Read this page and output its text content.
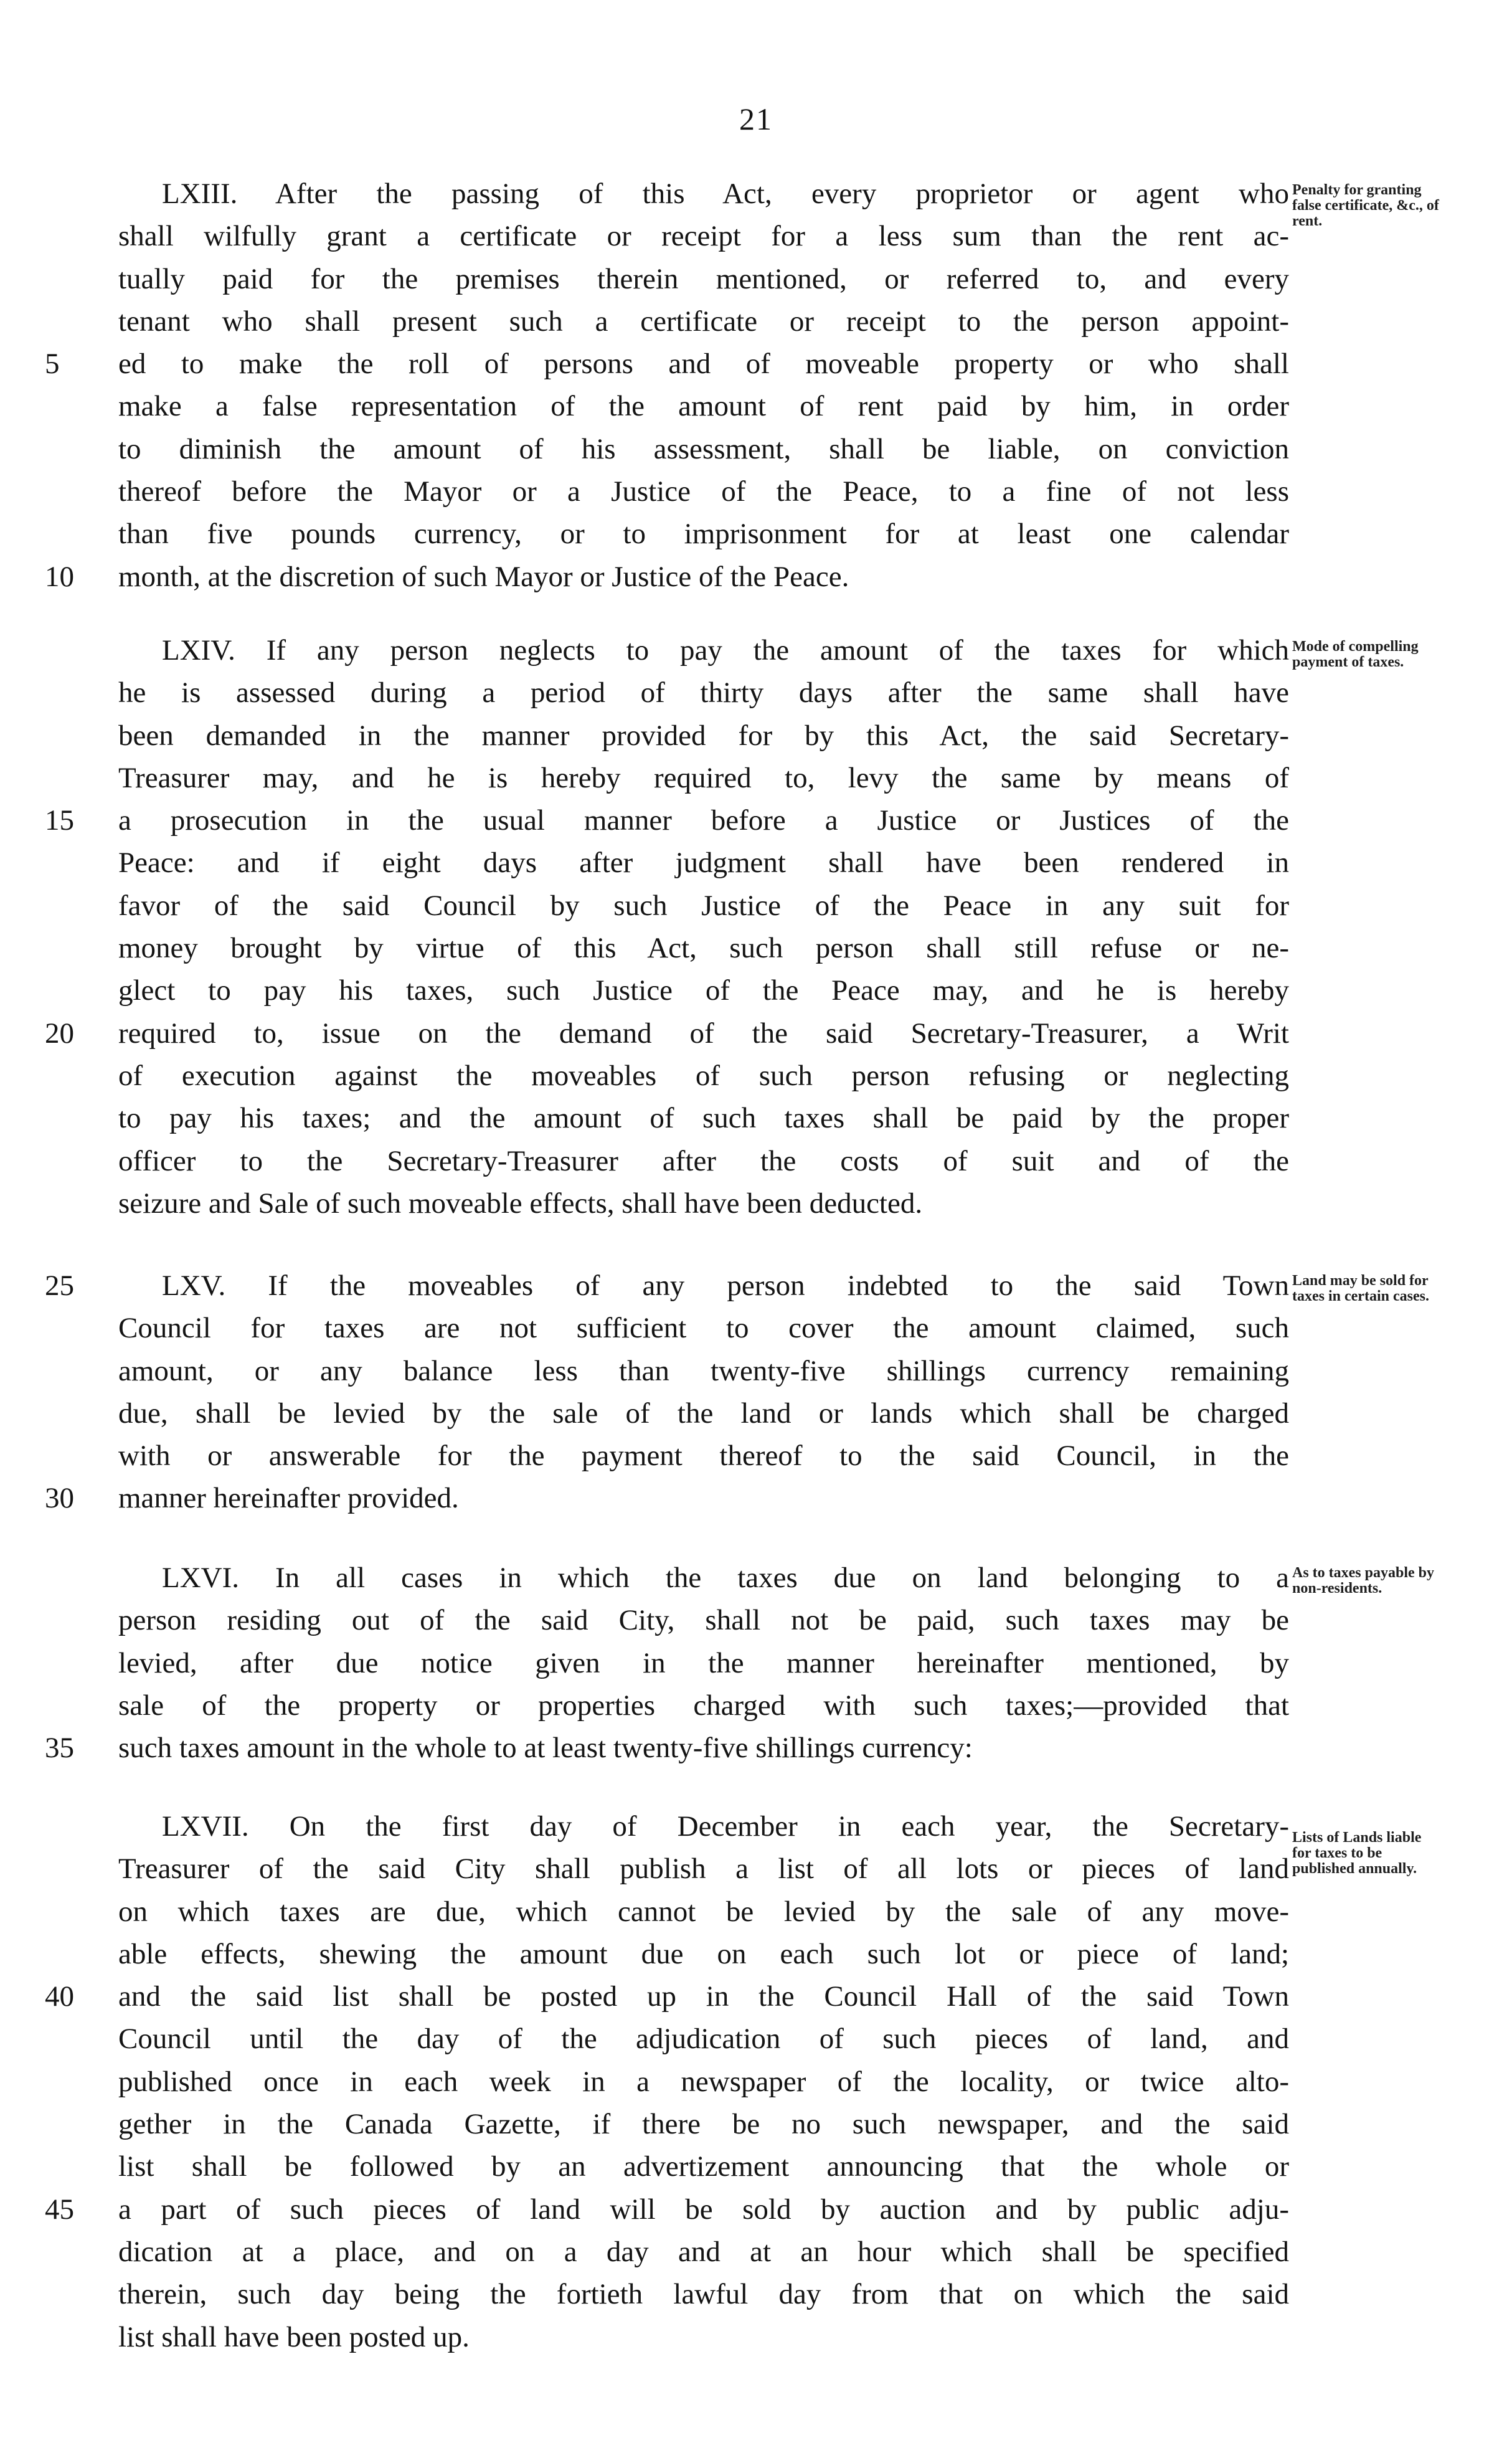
21
Penalty for granting false certificate, &c., of rent.
LXIII. After the passing of this Act, every proprietor or agent who
shall wilfully grant a certificate or receipt for a less sum than the rent ac-
tually paid for the premises therein mentioned, or referred to, and every
tenant who shall present such a certificate or receipt to the person appoint-
5	ed to make the roll of persons and of moveable property or who shall
make a false representation of the amount of rent paid by him, in order
to diminish the amount of his assessment, shall be liable, on conviction
thereof before the Mayor or a Justice of the Peace, to a fine of not less
than five pounds currency, or to imprisonment for at least one calendar
10	month, at the discretion of such Mayor or Justice of the Peace.
Mode of compelling payment of taxes.
LXIV. If any person neglects to pay the amount of the taxes for which
he is assessed during a period of thirty days after the same shall have
been demanded in the manner provided for by this Act, the said Secretary-
Treasurer may, and he is hereby required to, levy the same by means of
15	a prosecution in the usual manner before a Justice or Justices of the
Peace: and if eight days after judgment shall have been rendered in
favor of the said Council by such Justice of the Peace in any suit for
money brought by virtue of this Act, such person shall still refuse or ne-
glect to pay his taxes, such Justice of the Peace may, and he is hereby
20	required to, issue on the demand of the said Secretary-Treasurer, a Writ
of execution against the moveables of such person refusing or neglecting
to pay his taxes; and the amount of such taxes shall be paid by the proper
officer to the Secretary-Treasurer after the costs of suit and of the
seizure and Sale of such moveable effects, shall have been deducted.
Land may be sold for taxes in certain cases.
25	LXV. If the moveables of any person indebted to the said Town
Council for taxes are not sufficient to cover the amount claimed, such
amount, or any balance less than twenty-five shillings currency remaining
due, shall be levied by the sale of the land or lands which shall be charged
with or answerable for the payment thereof to the said Council, in the
30	manner hereinafter provided.
As to taxes payable by non-residents.
LXVI. In all cases in which the taxes due on land belonging to a
person residing out of the said City, shall not be paid, such taxes may be
levied, after due notice given in the manner hereinafter mentioned, by
sale of the property or properties charged with such taxes;—provided that
35	such taxes amount in the whole to at least twenty-five shillings currency:
Lists of Lands liable for taxes to be published annually.
LXVII. On the first day of December in each year, the Secretary-
Treasurer of the said City shall publish a list of all lots or pieces of land
on which taxes are due, which cannot be levied by the sale of any move-
able effects, shewing the amount due on each such lot or piece of land;
40	and the said list shall be posted up in the Council Hall of the said Town
Council until the day of the adjudication of such pieces of land, and
published once in each week in a newspaper of the locality, or twice alto-
gether in the Canada Gazette, if there be no such newspaper, and the said
list shall be followed by an advertizement announcing that the whole or
45	a part of such pieces of land will be sold by auction and by public adju-
dication at a place, and on a day and at an hour which shall be specified
therein, such day being the fortieth lawful day from that on which the said
list shall have been posted up.
